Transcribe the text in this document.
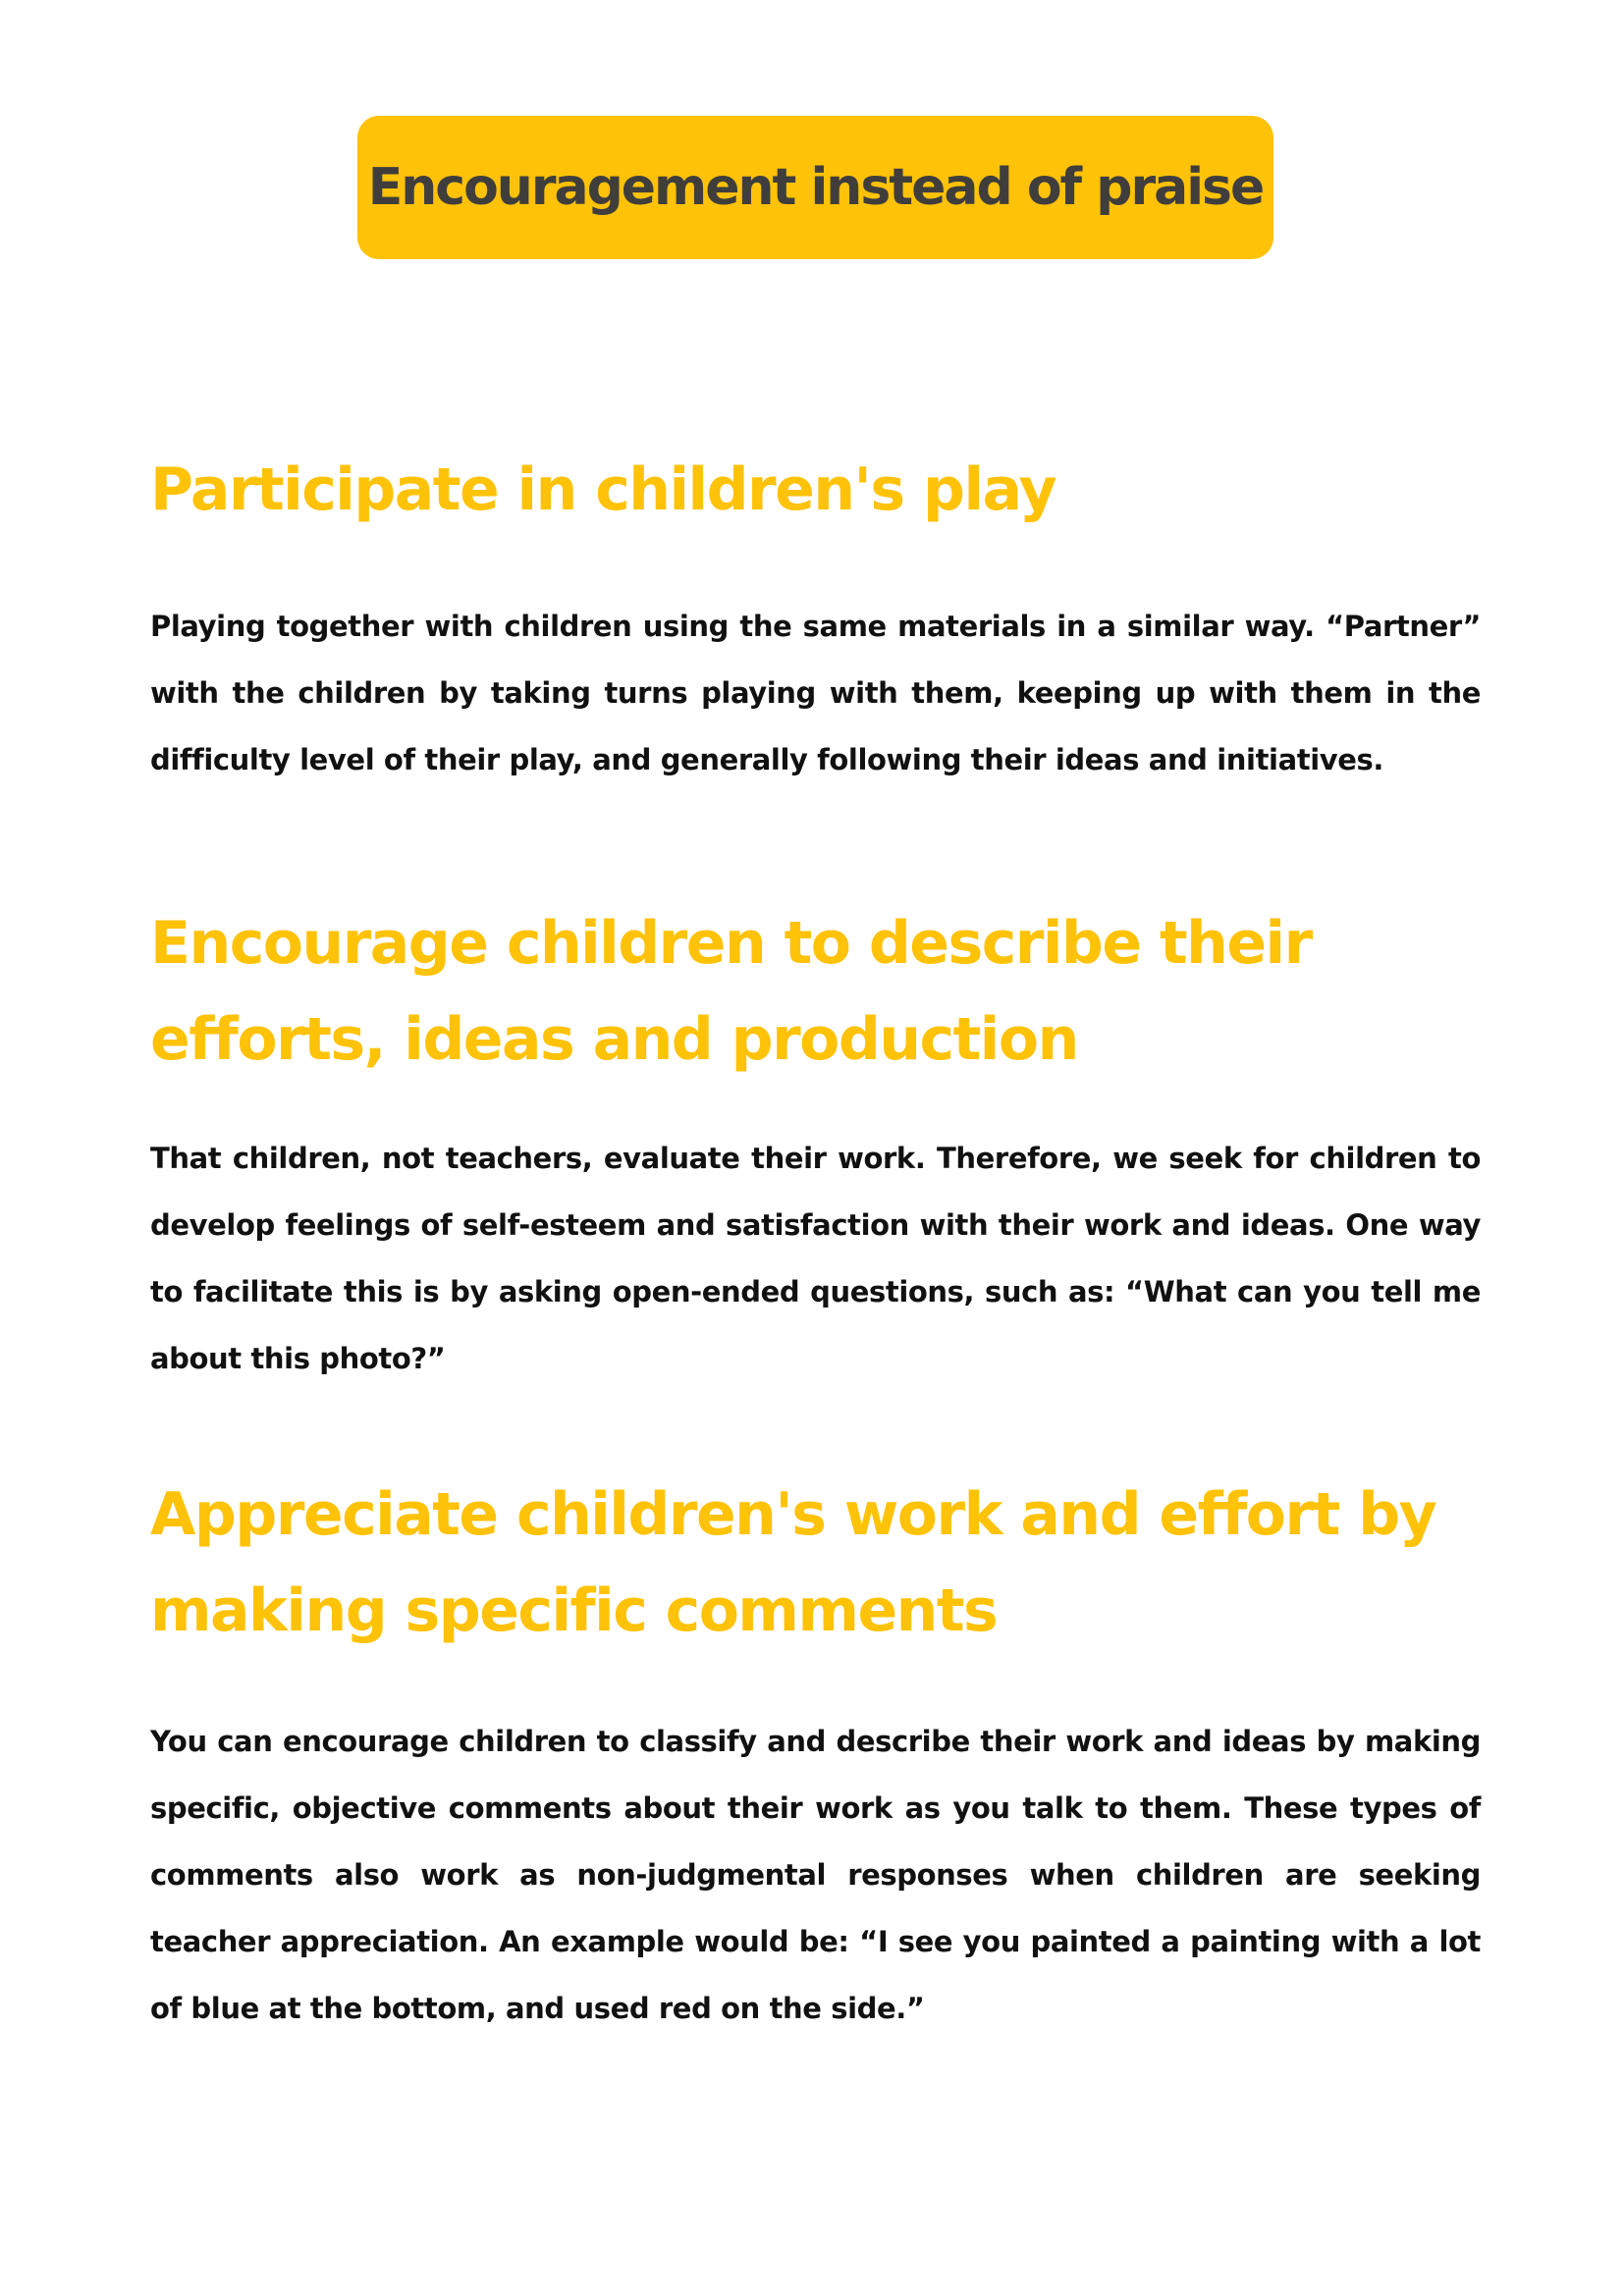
Encouragement instead of praise
Participate in children's play

Playing together with children using the same materials in a similar way. “Partner” with the children by taking turns playing with them, keeping up with them in the difficulty level of their play, and generally following their ideas and initiatives.

Encourage children to describe their efforts, ideas and production

That children, not teachers, evaluate their work. Therefore, we seek for children to develop feelings of self-esteem and satisfaction with their work and ideas. One way to facilitate this is by asking open-ended questions, such as: “What can you tell me about this photo?”

Appreciate children's work and effort by making specific comments

You can encourage children to classify and describe their work and ideas by making specific, objective comments about their work as you talk to them. These types of comments also work as non-judgmental responses when children are seeking teacher appreciation. An example would be: “I see you painted a painting with a lot of blue at the bottom, and used red on the side.”
